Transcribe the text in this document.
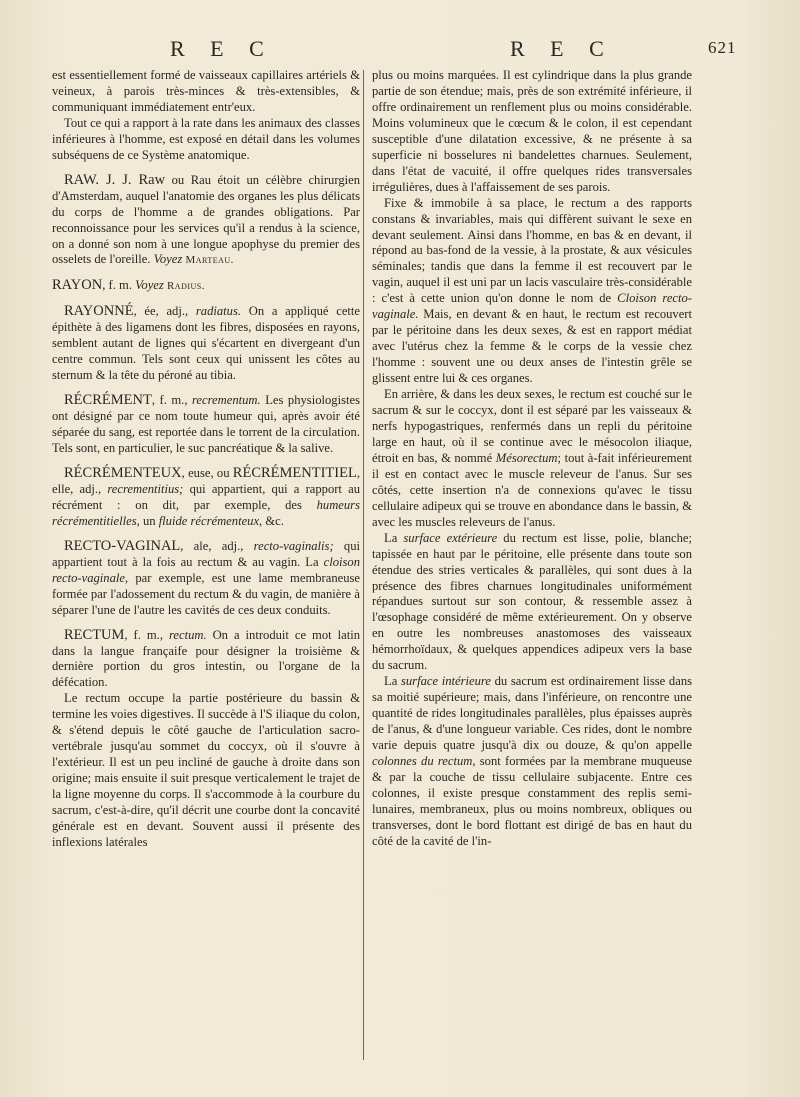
R E C	R E C	621

est essentiellement formé de vaisseaux capillaires artériels & veineux, à parois très-minces & très-extensibles, & communiquant immédiatement entr'eux.

Tout ce qui a rapport à la rate dans les animaux des classes inférieures à l'homme, est exposé en détail dans les volumes subséquens de ce Système anatomique.

RAW. J. J. Raw ou Rau étoit un célèbre chirurgien d'Amsterdam, auquel l'anatomie des organes les plus délicats du corps de l'homme a de grandes obligations. Par reconnoissance pour les services qu'il a rendus à la science, on a donné son nom à une longue apophyse du premier des osselets de l'oreille. Voyez Marteau.

RAYON, f. m. Voyez Radius.

RAYONNÉ, ée, adj., radiatus. On a appliqué cette épithète à des ligamens dont les fibres, disposées en rayons, semblent autant de lignes qui s'écartent en divergeant d'un centre commun. Tels sont ceux qui unissent les côtes au sternum & la tête du péroné au tibia.

RÉCRÉMENT, f. m., recrementum. Les physiologistes ont désigné par ce nom toute humeur qui, après avoir été séparée du sang, est reportée dans le torrent de la circulation. Tels sont, en particulier, le suc pancréatique & la salive.

RÉCRÉMENTEUX, euse, ou RÉCRÉMENTITIEL, elle, adj., recrementitius; qui appartient, qui a rapport au récrément : on dit, par exemple, des humeurs récrémentitielles, un fluide récrémenteux, &c.

RECTO-VAGINAL, ale, adj., recto-vaginalis; qui appartient tout à la fois au rectum & au vagin. La cloison recto-vaginale, par exemple, est une lame membraneuse formée par l'adossement du rectum & du vagin, de manière à séparer l'une de l'autre les cavités de ces deux conduits.

RECTUM, f. m., rectum. On a introduit ce mot latin dans la langue françaife pour désigner la troisième & dernière portion du gros intestin, ou l'organe de la défécation.

Le rectum occupe la partie postérieure du bassin & termine les voies digestives. Il succède à l'S iliaque du colon, & s'étend depuis le côté gauche de l'articulation sacro-vertébrale jusqu'au sommet du coccyx, où il s'ouvre à l'extérieur. Il est un peu incliné de gauche à droite dans son origine; mais ensuite il suit presque verticalement le trajet de la ligne moyenne du corps. Il s'accommode à la courbure du sacrum, c'est-à-dire, qu'il décrit une courbe dont la concavité générale est en devant. Souvent aussi il présente des inflexions latérales

plus ou moins marquées. Il est cylindrique dans la plus grande partie de son étendue; mais, près de son extrémité inférieure, il offre ordinairement un renflement plus ou moins considérable. Moins volumineux que le cœcum & le colon, il est cependant susceptible d'une dilatation excessive, & ne présente à sa superficie ni bosselures ni bandelettes charnues. Seulement, dans l'état de vacuité, il offre quelques rides transversales irrégulières, dues à l'affaissement de ses parois.

Fixe & immobile à sa place, le rectum a des rapports constans & invariables, mais qui diffèrent suivant le sexe en devant seulement. Ainsi dans l'homme, en bas & en devant, il répond au bas-fond de la vessie, à la prostate, & aux vésicules séminales; tandis que dans la femme il est recouvert par le vagin, auquel il est uni par un lacis vasculaire très-considérable : c'est à cette union qu'on donne le nom de Cloison recto-vaginale. Mais, en devant & en haut, le rectum est recouvert par le péritoine dans les deux sexes, & est en rapport médiat avec l'utérus chez la femme & le corps de la vessie chez l'homme : souvent une ou deux anses de l'intestin grêle se glissent entre lui & ces organes.

En arrière, & dans les deux sexes, le rectum est couché sur le sacrum & sur le coccyx, dont il est séparé par les vaisseaux & nerfs hypogastriques, renfermés dans un repli du péritoine large en haut, où il se continue avec le mésocolon iliaque, étroit en bas, & nommé Mésorectum; tout à-fait inférieurement il est en contact avec le muscle releveur de l'anus. Sur ses côtés, cette insertion n'a de connexions qu'avec le tissu cellulaire adipeux qui se trouve en abondance dans le bassin, & avec les muscles releveurs de l'anus.

La surface extérieure du rectum est lisse, polie, blanche; tapissée en haut par le péritoine, elle présente dans toute son étendue des stries verticales & parallèles, qui sont dues à la présence des fibres charnues longitudinales uniformément répandues surtout sur son contour, & ressemble assez à l'œsophage considéré de même extérieurement. On y observe en outre les nombreuses anastomoses des vaisseaux hémorrhoïdaux, & quelques appendices adipeux vers la base du sacrum.

La surface intérieure du sacrum est ordinairement lisse dans sa moitié supérieure; mais, dans l'inférieure, on rencontre une quantité de rides longitudinales parallèles, plus épaisses auprès de l'anus, & d'une longueur variable. Ces rides, dont le nombre varie depuis quatre jusqu'à dix ou douze, & qu'on appelle colonnes du rectum, sont formées par la membrane muqueuse & par la couche de tissu cellulaire subjacente. Entre ces colonnes, il existe presque constamment des replis semi-lunaires, membraneux, plus ou moins nombreux, obliques ou transverses, dont le bord flottant est dirigé de bas en haut du côté de la cavité de l'in-
